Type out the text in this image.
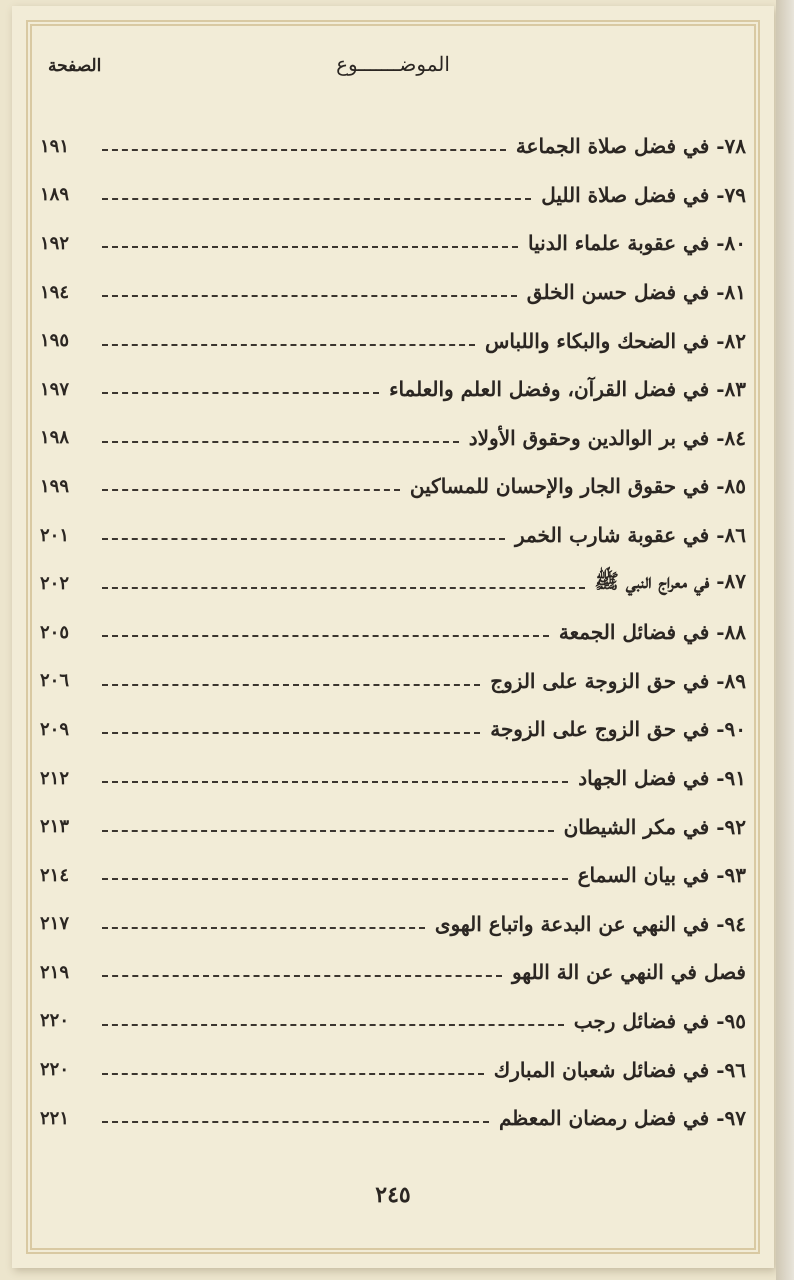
الموضـــــــوع
الصفحة
٧٨- في فضل صلاة الجماعة
١٩١
٧٩- في فضل صلاة الليل
١٨٩
٨٠- في عقوبة علماء الدنيا
١٩٢
٨١- في فضل حسن الخلق
١٩٤
٨٢- في الضحك والبكاء واللباس
١٩٥
٨٣- في فضل القرآن، وفضل العلم والعلماء
١٩٧
٨٤- في بر الوالدين وحقوق الأولاد
١٩٨
٨٥- في حقوق الجار والإحسان للمساكين
١٩٩
٨٦- في عقوبة شارب الخمر
٢٠١
٨٧- في معراج النبي ﷺ
٢٠٢
٨٨- في فضائل الجمعة
٢٠٥
٨٩- في حق الزوجة على الزوج
٢٠٦
٩٠- في حق الزوج على الزوجة
٢٠٩
٩١- في فضل الجهاد
٢١٢
٩٢- في مكر الشيطان
٢١٣
٩٣- في بيان السماع
٢١٤
٩٤- في النهي عن البدعة واتباع الهوى
٢١٧
فصل في النهي عن الة اللهو
٢١٩
٩٥- في فضائل رجب
٢٢٠
٩٦- في فضائل شعبان المبارك
٢٢٠
٩٧- في فضل رمضان المعظم
٢٢١
٢٤٥
